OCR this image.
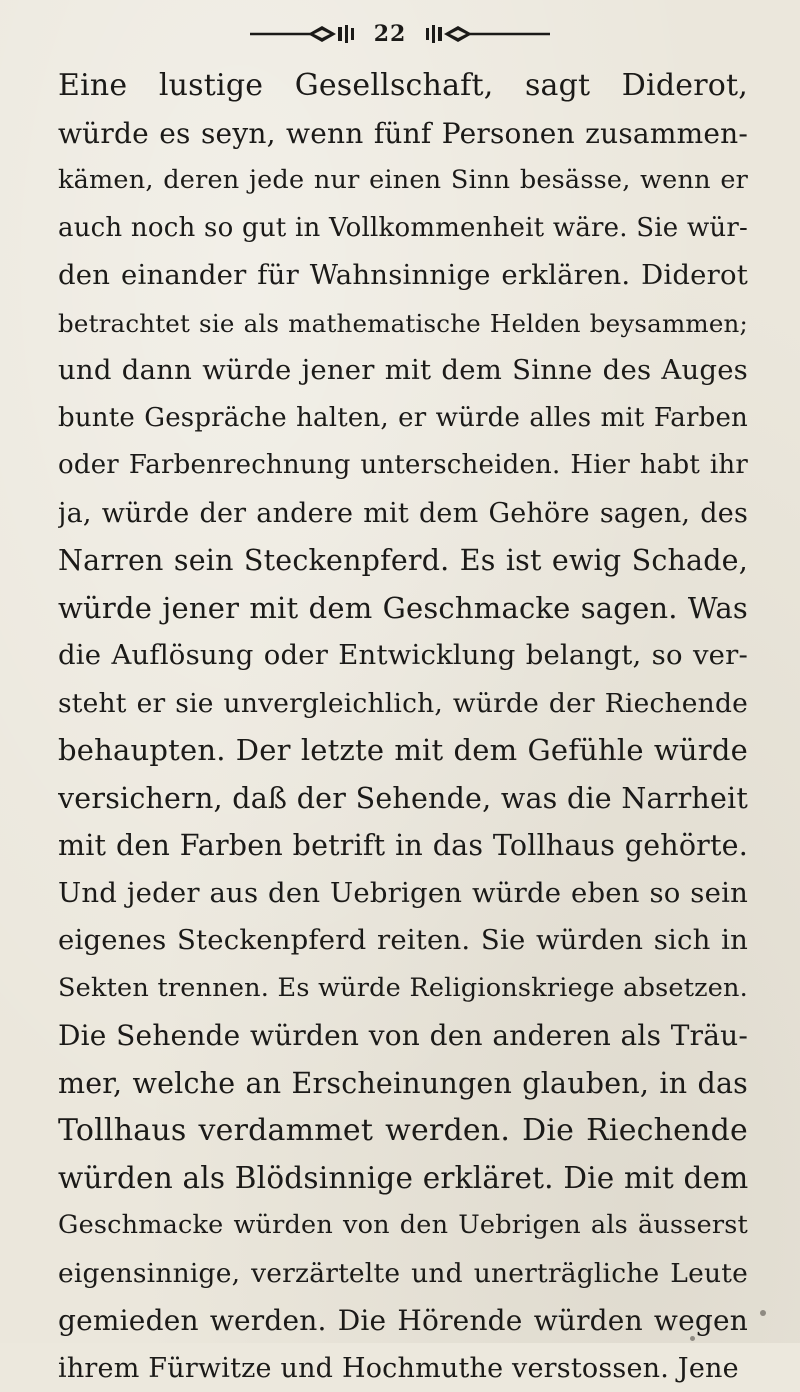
22
Eine lustige Gesellschaft, sagt Diderot,
würde es seyn, wenn fünf Personen zusammen-
kämen, deren jede nur einen Sinn besässe, wenn er
auch noch so gut in Vollkommenheit wäre. Sie wür-
den einander für Wahnsinnige erklären. Diderot
betrachtet sie als mathematische Helden beysammen;
und dann würde jener mit dem Sinne des Auges
bunte Gespräche halten, er würde alles mit Farben
oder Farbenrechnung unterscheiden. Hier habt ihr
ja, würde der andere mit dem Gehöre sagen, des
Narren sein Steckenpferd. Es ist ewig Schade,
würde jener mit dem Geschmacke sagen. Was
die Auflösung oder Entwicklung belangt, so ver-
steht er sie unvergleichlich, würde der Riechende
behaupten. Der letzte mit dem Gefühle würde
versichern, daß der Sehende, was die Narrheit
mit den Farben betrift in das Tollhaus gehörte.
Und jeder aus den Uebrigen würde eben so sein
eigenes Steckenpferd reiten. Sie würden sich in
Sekten trennen. Es würde Religionskriege absetzen.
Die Sehende würden von den anderen als Träu-
mer, welche an Erscheinungen glauben, in das
Tollhaus verdammet werden. Die Riechende
würden als Blödsinnige erkläret. Die mit dem
Geschmacke würden von den Uebrigen als äusserst
eigensinnige, verzärtelte und unerträgliche Leute
gemieden werden. Die Hörende würden wegen
ihrem Fürwitze und Hochmuthe verstossen. Jene
